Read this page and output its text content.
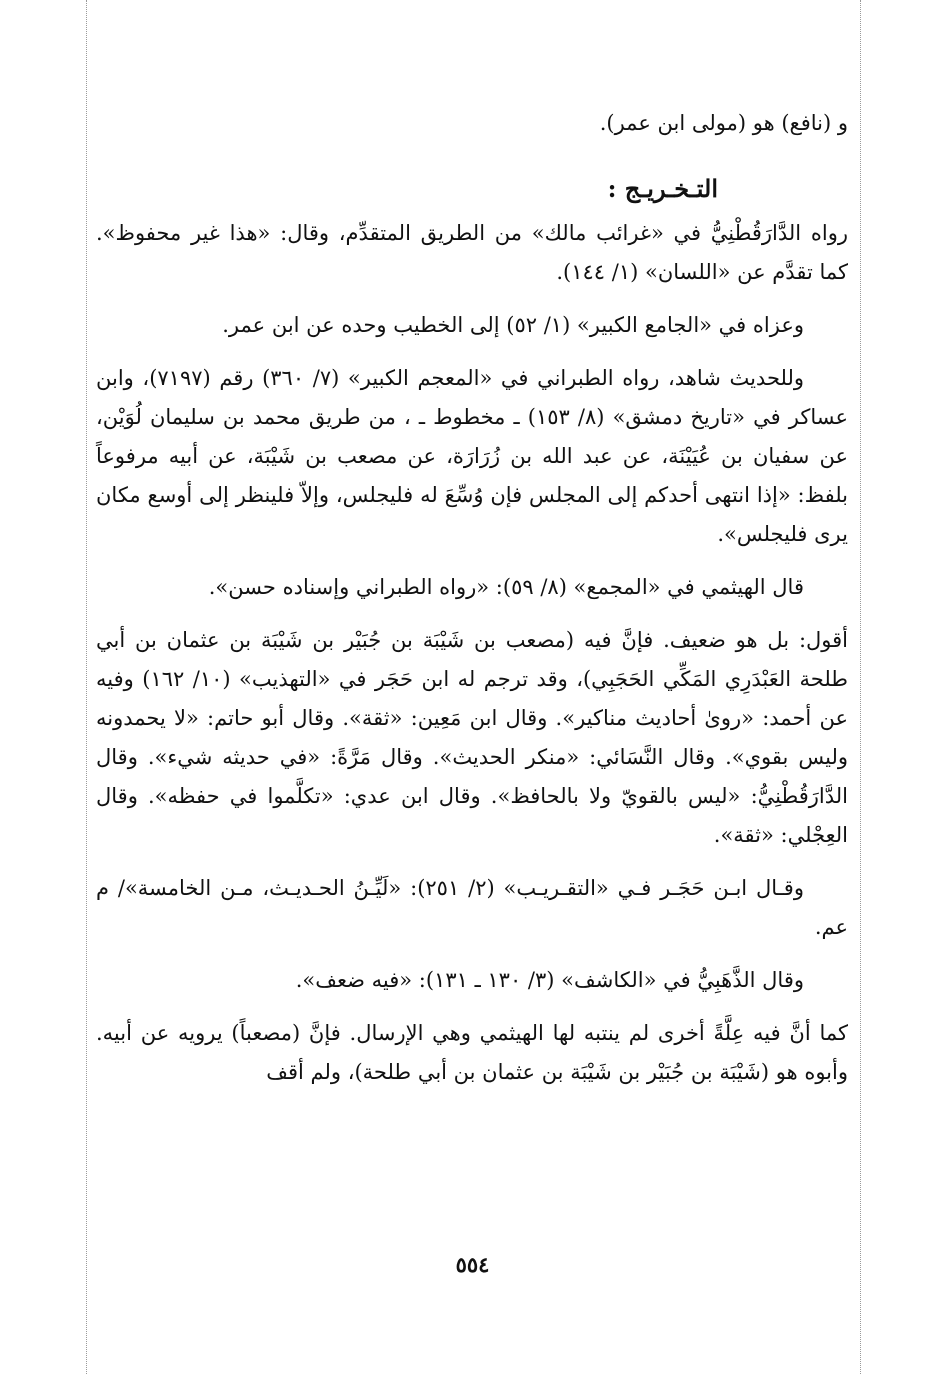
و (نافع) هو (مولى ابن عمر).

التـخـريـج :

رواه الدَّارَقُطْنِيُّ في «غرائب مالك» من الطريق المتقدِّم، وقال: «هذا غير محفوظ». كما تقدَّم عن «اللسان» (١/ ١٤٤).

وعزاه في «الجامع الكبير» (١/ ٥٢) إلى الخطيب وحده عن ابن عمر.

وللحديث شاهد، رواه الطبراني في «المعجم الكبير» (٧/ ٣٦٠) رقم (٧١٩٧)، وابن عساكر في «تاريخ دمشق» (٨/ ١٥٣) ـ مخطوط ـ ، من طريق محمد بن سليمان لُوَيْن، عن سفيان بن عُيَيْنَة، عن عبد الله بن زُرَارَة، عن مصعب بن شَيْبَة، عن أبيه مرفوعاً بلفظ: «إذا انتهى أحدكم إلى المجلس فإن وُسِّعَ له فليجلس، وإلاّ فلينظر إلى أوسع مكان يرى فليجلس».

قال الهيثمي في «المجمع» (٨/ ٥٩): «رواه الطبراني وإسناده حسن».

أقول: بل هو ضعيف. فإنَّ فيه (مصعب بن شَيْبَة بن جُبَيْر بن شَيْبَة بن عثمان بن أبي طلحة العَبْدَرِي المَكِّي الحَجَبِي)، وقد ترجم له ابن حَجَر في «التهذيب» (١٠/ ١٦٢) وفيه عن أحمد: «روىٰ أحاديث مناكير». وقال ابن مَعِين: «ثقة». وقال أبو حاتم: «لا يحمدونه وليس بقوي». وقال النَّسَائي: «منكر الحديث». وقال مَرَّةً: «في حديثه شيء». وقال الدَّارَقُطْنِيُّ: «ليس بالقويّ ولا بالحافظ». وقال ابن عدي: «تكلَّموا في حفظه». وقال العِجْلي: «ثقة».

وقـال ابـن حَجَـر فـي «التقـريـب» (٢/ ٢٥١): «لَيِّـنُ الحـديـث، مـن الخامسة»/ م عم.

وقال الذَّهَبِيُّ في «الكاشف» (٣/ ١٣٠ ـ ١٣١): «فيه ضعف».

كما أنَّ فيه عِلَّةً أخرى لم ينتبه لها الهيثمي وهي الإرسال. فإنَّ (مصعباً) يرويه عن أبيه. وأبوه هو (شَيْبَة بن جُبَيْر بن شَيْبَة بن عثمان بن أبي طلحة)، ولم أقف

٥٥٤
